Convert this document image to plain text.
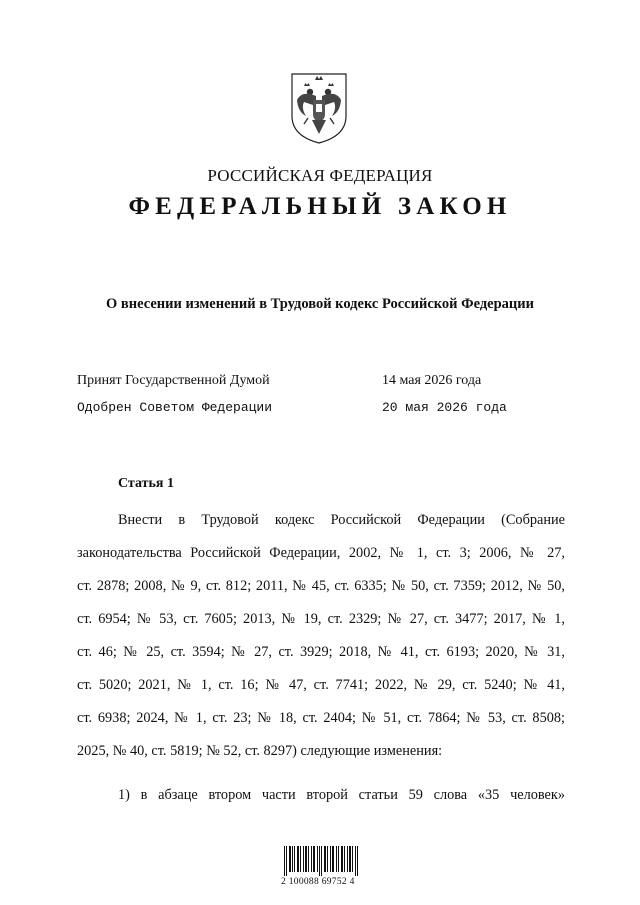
РОССИЙСКАЯ ФЕДЕРАЦИЯ
ФЕДЕРАЛЬНЫЙ ЗАКОН
О внесении изменений в Трудовой кодекс Российской Федерации
Принят Государственной Думой	14 мая 2026 года
Одобрен Советом Федерации	20 мая 2026 года
Статья 1
Внести в Трудовой кодекс Российской Федерации (Собрание
законодательства Российской Федерации, 2002, № 1, ст. 3; 2006, № 27,
ст. 2878; 2008, № 9, ст. 812; 2011, № 45, ст. 6335; № 50, ст. 7359; 2012, № 50,
ст. 6954; № 53, ст. 7605; 2013, № 19, ст. 2329; № 27, ст. 3477; 2017, № 1,
ст. 46; № 25, ст. 3594; № 27, ст. 3929; 2018, № 41, ст. 6193; 2020, № 31,
ст. 5020; 2021, № 1, ст. 16; № 47, ст. 7741; 2022, № 29, ст. 5240; № 41,
ст. 6938; 2024, № 1, ст. 23; № 18, ст. 2404; № 51, ст. 7864; № 53, ст. 8508;
2025, № 40, ст. 5819; № 52, ст. 8297) следующие изменения:
1) в абзаце втором части второй статьи 59 слова «35 человек»
2 100088 69752 4
